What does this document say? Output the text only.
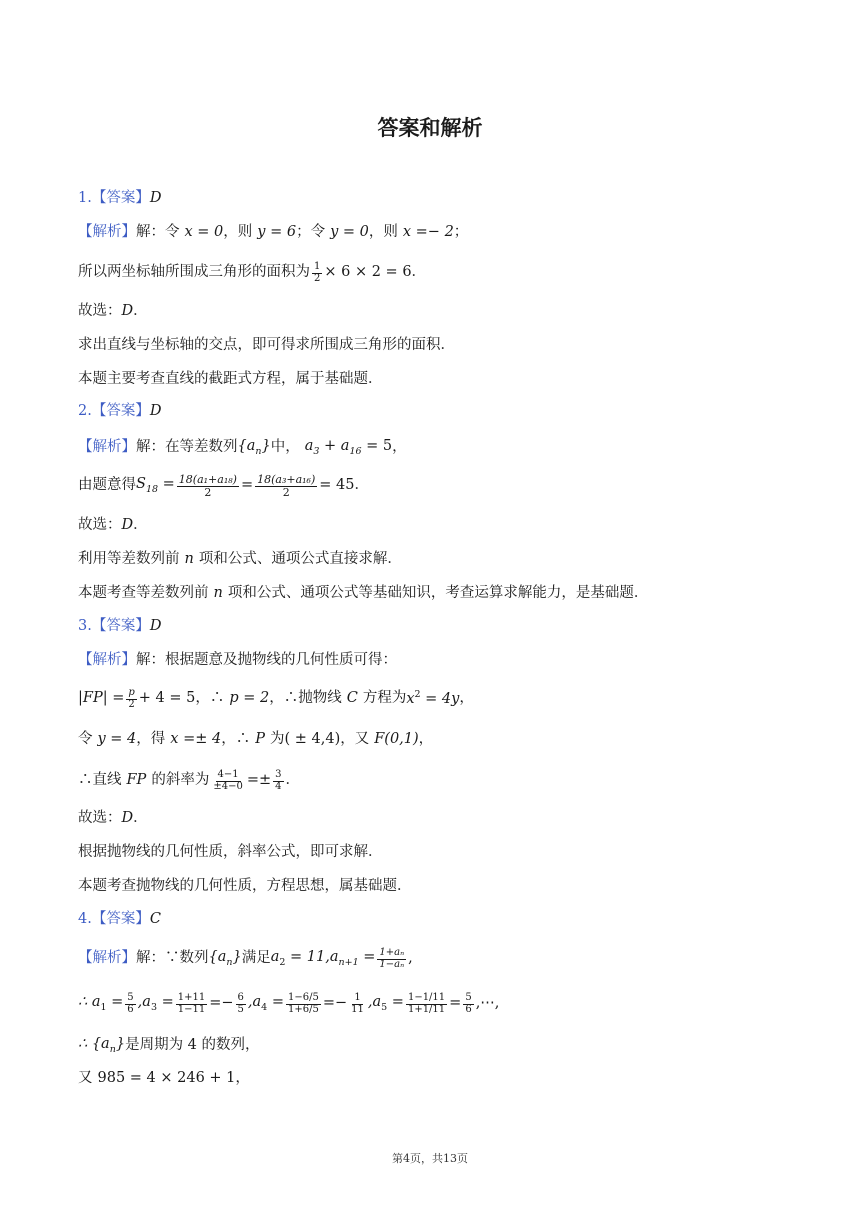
答案和解析
1. 【答案】 D
【解析】 解：令 x = 0 ，则 y = 6 ；令 y = 0 ，则 x =− 2 ；
所以两坐标轴所围成三角形的面积为 $\frac{1}{2} \times 6 \times 2 = 6$ ．
故选： D ．
求出直线与坐标轴的交点，即可得求所围成三角形的面积．
本题主要考查直线的截距式方程，属于基础题．
2. 【答案】 D
【解析】 解：在等差数列 $\{a_n\}$ 中， $a_3 + a_{16} = 5$ ，
由题意得 $S_{18} = \frac{\text{18(a₁+a₁₈)}}{2} = \frac{\text{18(a₃+a₁₆)}}{2} = 45$ ．
故选： D ．
利用等差数列前 n 项和公式、通项公式直接求解．
本题考查等差数列前 n 项和公式、通项公式等基础知识，考查运算求解能力，是基础题．
3. 【答案】 D
【解析】 解：根据题意及抛物线的几何性质可得：
$|FP| = \frac{p}{2} + 4 = 5$ ，∴ p = 2 ，∴抛物线 C 方程为 $x^2 = 4y$ ，
令 y = 4 ，得 x =± 4 ，∴ P 为 ( ± 4,4) ，又 F(0,1) ，
∴直线 FP 的斜率为 $\frac{4-1}{\pm 4-0} =\pm \frac{3}{4}$ ．
故选： D ．
根据抛物线的几何性质，斜率公式，即可求解．
本题考查抛物线的几何性质，方程思想，属基础题．
4. 【答案】 C
【解析】 解：∵数列 $\{a_n\}$ 满足 $a_2 = 11,a_{n+1} = \frac{\text{1+aₙ}}{\text{1−aₙ}}$ ,
∴ $a_1 = \frac{5}{6} ,a_3 = \frac{1+11}{1-11} =- \frac{6}{5} ,a_4 = \frac{1-6/5}{1+6/5} =- \frac{1}{11} ,a_5 = \frac{1-1/11}{1+1/11} = \frac{5}{6}$ ,⋯,
∴ $\{a_n\}$ 是周期为 4 的数列，
又 985 = 4 × 246 + 1 ，
第4页，共13页
